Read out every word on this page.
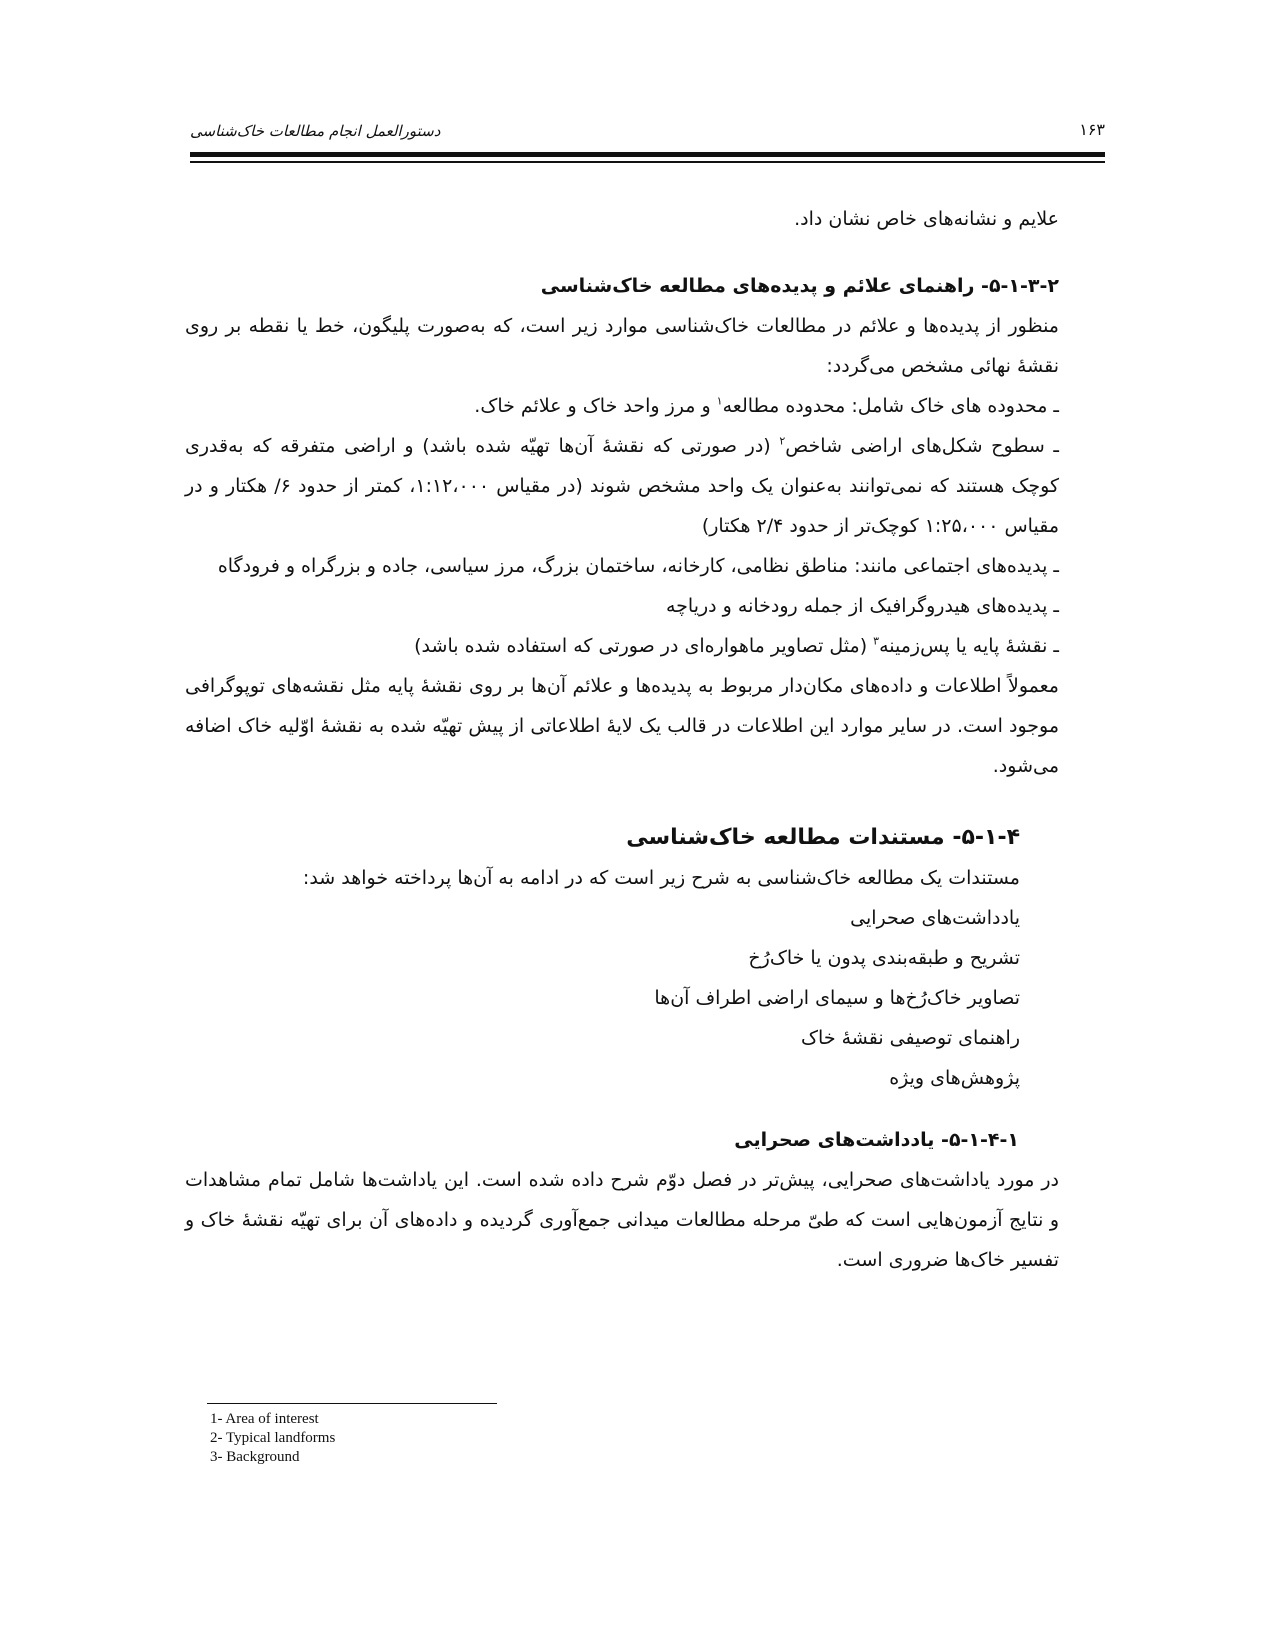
۱۶۳
دستورالعمل انجام مطالعات خاک‌شناسی

علایم و نشانه‌های خاص نشان داد.

۵-۱-۳-۲- راهنمای علائم و پدیده‌های مطالعه خاک‌شناسی

منظور از پدیده‌ها و علائم در مطالعات خاک‌شناسی موارد زیر است، که به‌صورت پلیگون، خط یا نقطه بر روی نقشهٔ نهائی مشخص می‌گردد:

ـ محدوده های خاک شامل: محدوده مطالعه$^۱$ و مرز واحد خاک و علائم خاک.

ـ سطوح شکل‌های اراضی شاخص$^۲$ (در صورتی که نقشهٔ آن‌ها تهیّه شده باشد) و اراضی متفرقه که به‌قدری کوچک هستند که نمی‌توانند به‌عنوان یک واحد مشخص شوند (در مقیاس ۱:۱۲،۰۰۰، کمتر از حدود ۶/ هکتار و در مقیاس ۱:۲۵،۰۰۰ کوچک‌تر از حدود ۲/۴ هکتار)

ـ پدیده‌های اجتماعی مانند: مناطق نظامی، کارخانه، ساختمان بزرگ، مرز سیاسی، جاده و بزرگراه و فرودگاه

ـ پدیده‌های هیدروگرافیک از جمله رودخانه و دریاچه

ـ نقشهٔ پایه یا پس‌زمینه$^۳$ (مثل تصاویر ماهواره‌ای در صورتی که استفاده شده باشد)

معمولاً اطلاعات و داده‌های مکان‌دار مربوط به پدیده‌ها و علائم آن‌ها بر روی نقشهٔ پایه مثل نقشه‌های توپوگرافی موجود است. در سایر موارد این اطلاعات در قالب یک لایهٔ اطلاعاتی از پیش تهیّه شده به نقشهٔ اوّلیه خاک اضافه می‌شود.

۵-۱-۴- مستندات مطالعه خاک‌شناسی

مستندات یک مطالعه خاک‌شناسی به شرح زیر است که در ادامه به آن‌ها پرداخته خواهد شد:

یادداشت‌های صحرایی

تشریح و طبقه‌بندی پدون یا خاک‌رُخ

تصاویر خاک‌رُخ‌ها و سیمای اراضی اطراف آن‌ها

راهنمای توصیفی نقشهٔ خاک

پژوهش‌های ویژه

۵-۱-۴-۱- یادداشت‌های صحرایی

در مورد یاداشت‌های صحرایی، پیش‌تر در فصل دوّم شرح داده شده است. این یاداشت‌ها شامل تمام مشاهدات و نتایج آزمون‌هایی است که طیّ مرحله مطالعات میدانی جمع‌آوری گردیده و داده‌های آن برای تهیّه نقشهٔ خاک و تفسیر خاک‌ها ضروری است.

1- Area of interest
2- Typical landforms
3- Background
